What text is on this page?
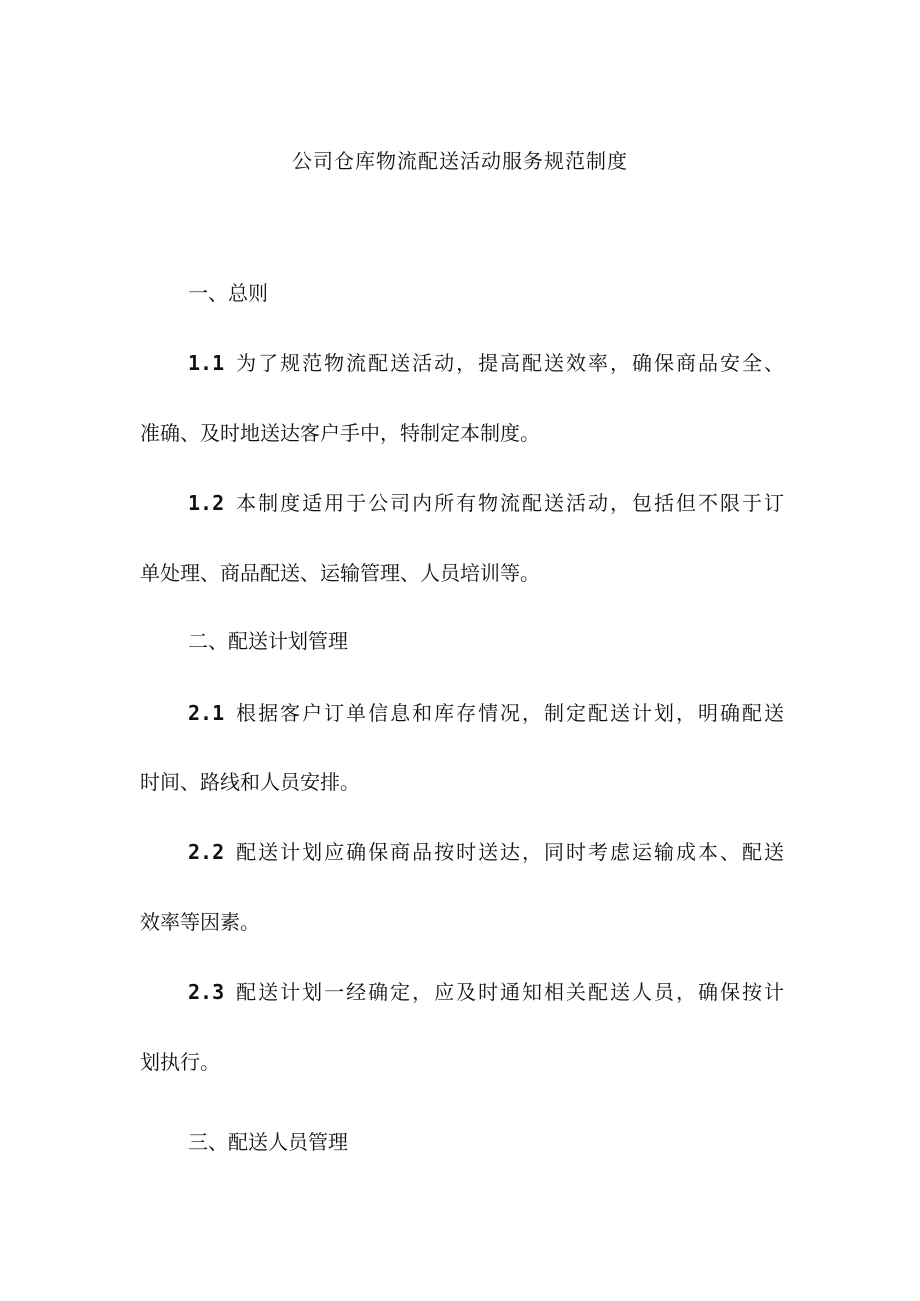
公司仓库物流配送活动服务规范制度
一、总则
1.1 为了规范物流配送活动，提高配送效率，确保商品安全、
准确、及时地送达客户手中，特制定本制度。
1.2 本制度适用于公司内所有物流配送活动，包括但不限于订
单处理、商品配送、运输管理、人员培训等。
二、配送计划管理
2.1 根据客户订单信息和库存情况，制定配送计划，明确配送
时间、路线和人员安排。
2.2 配送计划应确保商品按时送达，同时考虑运输成本、配送
效率等因素。
2.3 配送计划一经确定，应及时通知相关配送人员，确保按计
划执行。
三、配送人员管理
